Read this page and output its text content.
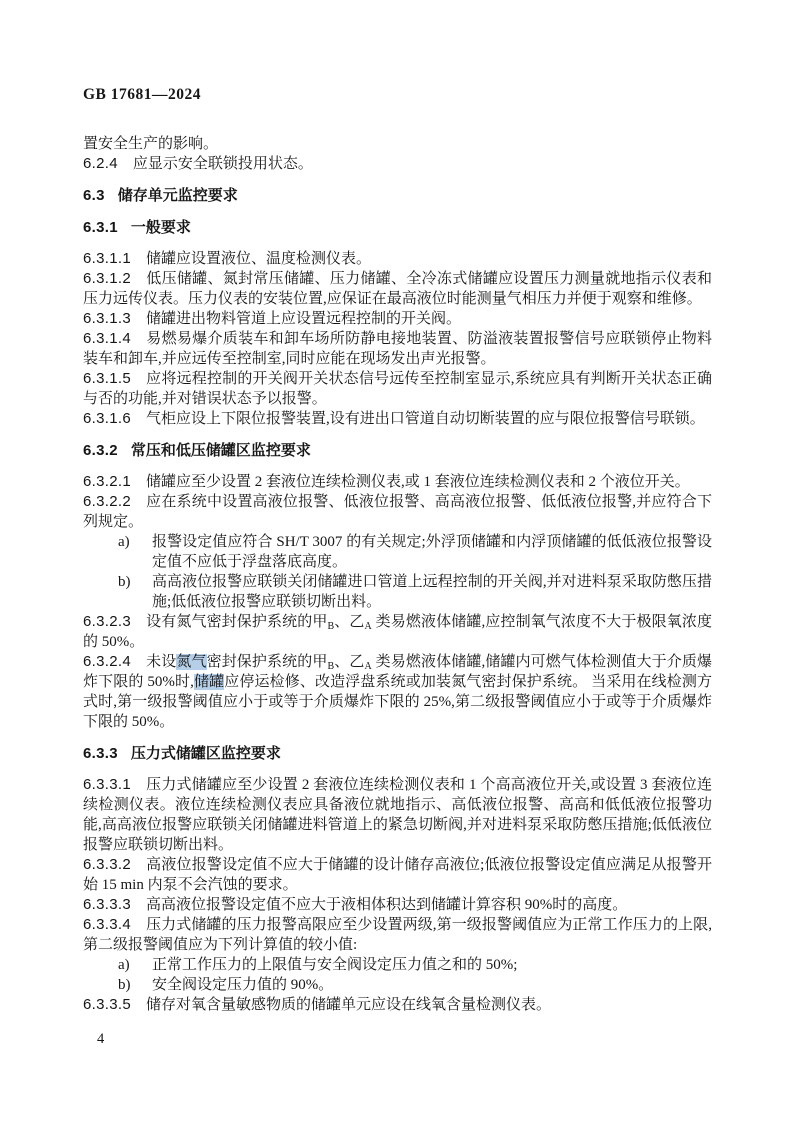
GB 17681—2024

置安全生产的影响。

6.2.4 应显示安全联锁投用状态。

6.3 储存单元监控要求
6.3.1 一般要求

6.3.1.1 储罐应设置液位、温度检测仪表。

6.3.1.2 低压储罐、氮封常压储罐、压力储罐、全冷冻式储罐应设置压力测量就地指示仪表和压力远传仪表。压力仪表的安装位置,应保证在最高液位时能测量气相压力并便于观察和维修。

6.3.1.3 储罐进出物料管道上应设置远程控制的开关阀。

6.3.1.4 易燃易爆介质装车和卸车场所防静电接地装置、防溢液装置报警信号应联锁停止物料装车和卸车,并应远传至控制室,同时应能在现场发出声光报警。

6.3.1.5 应将远程控制的开关阀开关状态信号远传至控制室显示,系统应具有判断开关状态正确与否的功能,并对错误状态予以报警。

6.3.1.6 气柜应设上下限位报警装置,设有进出口管道自动切断装置的应与限位报警信号联锁。

6.3.2 常压和低压储罐区监控要求

6.3.2.1 储罐应至少设置 2 套液位连续检测仪表,或 1 套液位连续检测仪表和 2 个液位开关。

6.3.2.2 应在系统中设置高液位报警、低液位报警、高高液位报警、低低液位报警,并应符合下列规定。

a)	报警设定值应符合 SH/T 3007 的有关规定;外浮顶储罐和内浮顶储罐的低低液位报警设定值不应低于浮盘落底高度。
b)	高高液位报警应联锁关闭储罐进口管道上远程控制的开关阀,并对进料泵采取防憋压措施;低低液位报警应联锁切断出料。

6.3.2.3 设有氮气密封保护系统的甲$_B$、乙$_A$ 类易燃液体储罐,应控制氧气浓度不大于极限氧浓度的 50%。

6.3.2.4 未设氮气密封保护系统的甲$_B$、乙$_A$ 类易燃液体储罐,储罐内可燃气体检测值大于介质爆炸下限的 50%时,储罐应停运检修、改造浮盘系统或加装氮气密封保护系统。 当采用在线检测方式时,第一级报警阈值应小于或等于介质爆炸下限的 25%,第二级报警阈值应小于或等于介质爆炸下限的 50%。

6.3.3 压力式储罐区监控要求

6.3.3.1 压力式储罐应至少设置 2 套液位连续检测仪表和 1 个高高液位开关,或设置 3 套液位连续检测仪表。液位连续检测仪表应具备液位就地指示、高低液位报警、高高和低低液位报警功能,高高液位报警应联锁关闭储罐进料管道上的紧急切断阀,并对进料泵采取防憋压措施;低低液位报警应联锁切断出料。

6.3.3.2 高液位报警设定值不应大于储罐的设计储存高液位;低液位报警设定值应满足从报警开始 15 min 内泵不会汽蚀的要求。

6.3.3.3 高高液位报警设定值不应大于液相体积达到储罐计算容积 90%时的高度。

6.3.3.4 压力式储罐的压力报警高限应至少设置两级,第一级报警阈值应为正常工作压力的上限,第二级报警阈值应为下列计算值的较小值:

a)	正常工作压力的上限值与安全阀设定压力值之和的 50%;
b)	安全阀设定压力值的 90%。

6.3.3.5 储存对氧含量敏感物质的储罐单元应设在线氧含量检测仪表。

4
